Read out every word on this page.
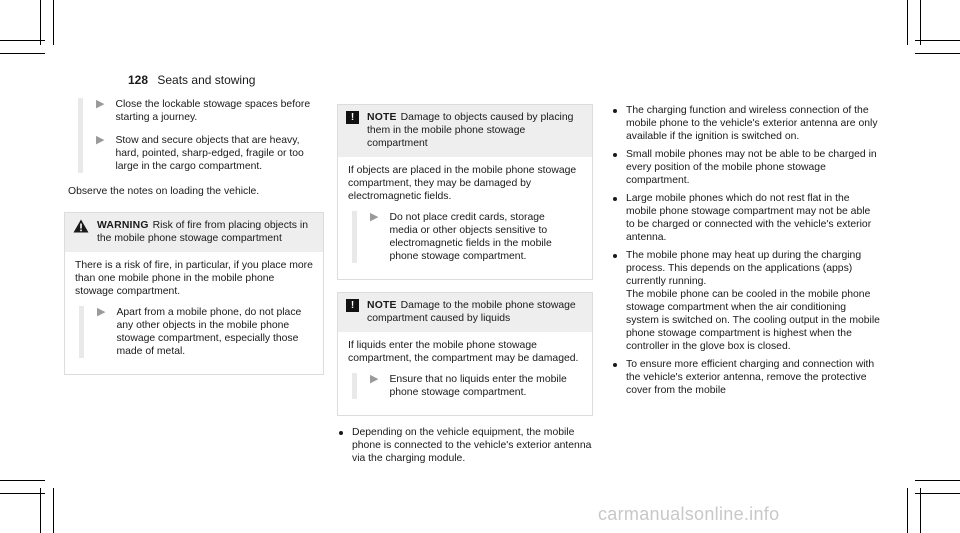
128 Seats and stowing
▶ Close the lockable stowage spaces before starting a journey.

▶ Stow and secure objects that are heavy, hard, pointed, sharp-edged, fragile or too large in the cargo compartment.

Observe the notes on loading the vehicle.

WARNING Risk of fire from placing objects in the mobile phone stowage compartment

There is a risk of fire, in particular, if you place more than one mobile phone in the mobile phone stowage compartment.

▶ Apart from a mobile phone, do not place any other objects in the mobile phone stowage compartment, especially those made of metal.

!	NOTE Damage to objects caused by placing them in the mobile phone stowage compartment

If objects are placed in the mobile phone stowage compartment, they may be damaged by electromagnetic fields.

▶ Do not place credit cards, storage media or other objects sensitive to electromagnetic fields in the mobile phone stowage compartment.

!	NOTE Damage to the mobile phone stowage compartment caused by liquids

If liquids enter the mobile phone stowage compartment, the compartment may be damaged.

▶ Ensure that no liquids enter the mobile phone stowage compartment.

Depending on the vehicle equipment, the mobile phone is connected to the vehicle's exterior antenna via the charging module.
The charging function and wireless connection of the mobile phone to the vehicle's exterior antenna are only available if the ignition is switched on.
Small mobile phones may not be able to be charged in every position of the mobile phone stowage compartment.
Large mobile phones which do not rest flat in the mobile phone stowage compartment may not be able to be charged or connected with the vehicle's exterior antenna.
The mobile phone may heat up during the charging process. This depends on the applications (apps) currently running.

The mobile phone can be cooled in the mobile phone stowage compartment when the air conditioning system is switched on. The cooling output in the mobile phone stowage compartment is highest when the controller in the glove box is closed.

To ensure more efficient charging and connection with the vehicle's exterior antenna, remove the protective cover from the mobile
carmanualsonline.info
